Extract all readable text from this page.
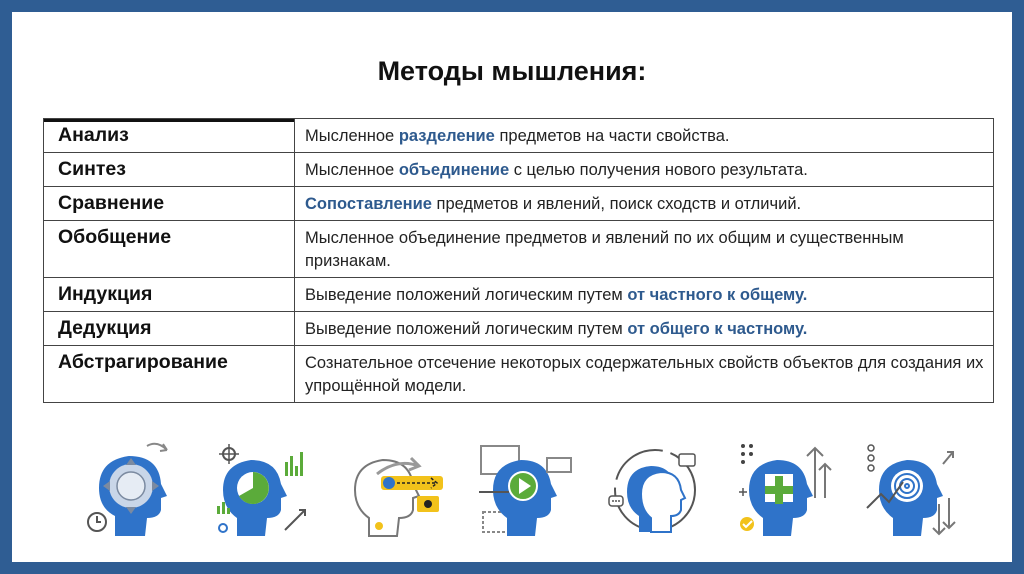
Методы мышления:
Анализ	Мысленное разделение предметов на части свойства.
Синтез	Мысленное объединение с целью получения нового результата.
Сравнение	Сопоставление предметов и явлений, поиск сходств и отличий.
Обобщение	Мысленное объединение предметов и явлений по их общим и существенным признакам.
Индукция	Выведение положений логическим путем от частного к общему.
Дедукция	Выведение положений логическим путем от общего к частному.
Абстрагирование	Сознательное отсечение некоторых содержательных свойств объектов для создания их упрощённой модели.
